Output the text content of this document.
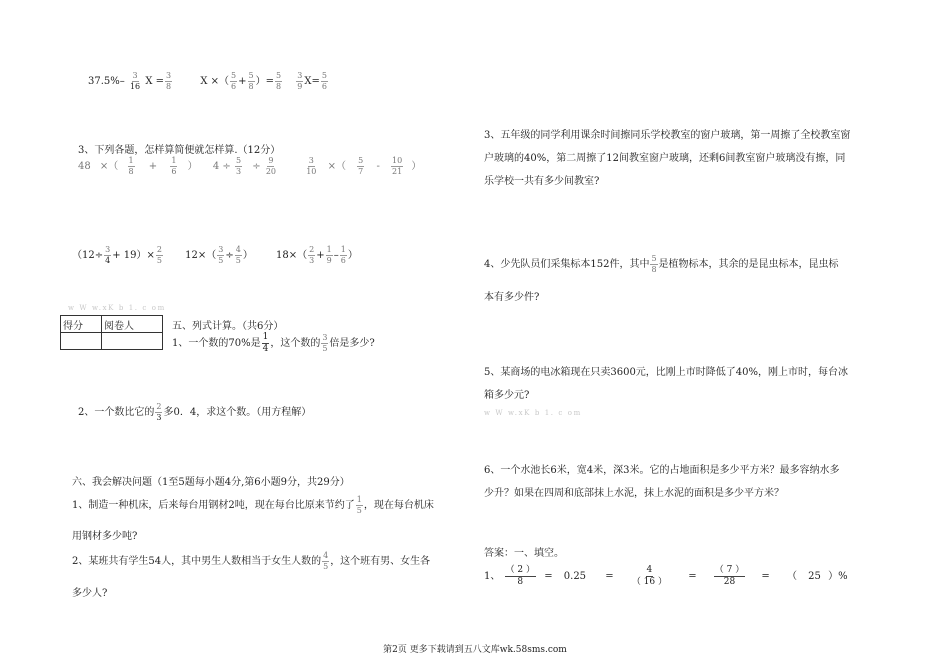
$37.5\%- \frac{3}{16}$ $X = \frac{3}{8}$	X ×（ $\frac{5}{6} + \frac{5}{8}$ ）= $\frac{5}{8}$
$\frac{3}{9} X= \frac{5}{6}$
3、下列各题，怎样算简便就怎样算.（12分）
48 ×（ $\frac{1}{8} + \frac{1}{6}$ ） $4 \div \frac{5}{3} \div \frac{9}{20}$
	$\frac{3}{10}$ ×（ $\frac{5}{7} - \frac{10}{21}$ ）
$(12\div \frac{3}{4} + 19)\times \frac{2}{5} 12\times( \frac{3}{5} \div \frac{4}{5}$ ） $18\times( \frac{2}{3} + \frac{1}{9} - \frac{1}{6}$ ）
w W w.xK b 1. c om
得分	阅卷人
		五、列式计算。（共6分）
1、一个数的70%是 $\frac{1}{4}$ ，这个数的 $\frac{3}{5}$ 倍是多少?
2、一个数比它的 $\frac{2}{3}$ 多0．4，求这个数。（用方程解）
六、我会解决问题（1至5题每小题4分,第6小题9分，共29分）
1、制造一种机床，后来每台用钢材2吨，现在每台比原来节约了 $\frac{1}{5}$ ，现在每台机床
用钢材多少吨?
2、某班共有学生54人，其中男生人数相当于女生人数的 $\frac{4}{5}$ ，这个班有男、女生各
多少人?
3、五年级的同学利用课余时间擦同乐学校教室的窗户玻璃，第一周擦了全校教室窗
户玻璃的40%，第二周擦了12间教室窗户玻璃，还剩6间教室窗户玻璃没有擦，同
乐学校一共有多少间教室?
4、少先队员们采集标本152件，其中 $\frac{5}{8}$ 是植物标本，其余的是昆虫标本，昆虫标
本有多少件?
5、某商场的电冰箱现在只卖3600元，比刚上市时降低了40%，刚上市时，每台冰
箱多少元?
w W w.xK b 1. c om
6、一个水池长6米，宽4米，深3米。它的占地面积是多少平方米？最多容纳水多
少升？如果在四周和底部抹上水泥，抹上水泥的面积是多少平方米？
答案：一、填空。
1、 $\frac{( 2 )}{8} = 0.25 = \frac{4}{( 16 )} = \frac{( 7 )}{28}$ = （ 25 ）%
第2页 更多下载请到五八文库wk.58sms.com
